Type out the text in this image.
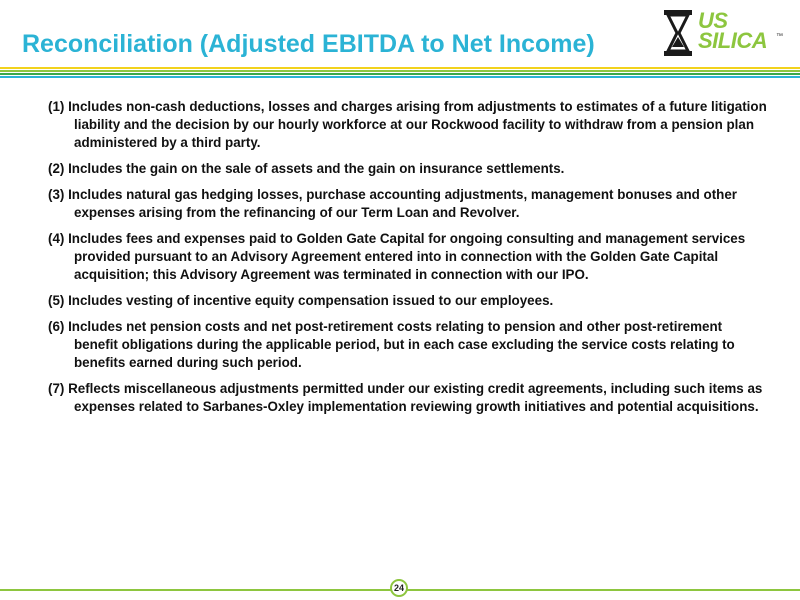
Reconciliation (Adjusted EBITDA to Net Income)
US
SILICA ™
(1) Includes non-cash deductions, losses and charges arising from adjustments to estimates of a future litigation liability and the decision by our hourly workforce at our Rockwood facility to withdraw from a pension plan administered by a third party.
(2) Includes the gain on the sale of assets and the gain on insurance settlements.
(3) Includes natural gas hedging losses, purchase accounting adjustments, management bonuses and other expenses arising from the refinancing of our Term Loan and Revolver.
(4) Includes fees and expenses paid to Golden Gate Capital for ongoing consulting and management services provided pursuant to an Advisory Agreement entered into in connection with the Golden Gate Capital acquisition; this Advisory Agreement was terminated in connection with our IPO.
(5) Includes vesting of incentive equity compensation issued to our employees.
(6) Includes net pension costs and net post-retirement costs relating to pension and other post-retirement benefit obligations during the applicable period, but in each case excluding the service costs relating to benefits earned during such period.
(7) Reflects miscellaneous adjustments permitted under our existing credit agreements, including such items as expenses related to Sarbanes-Oxley implementation reviewing growth initiatives and potential acquisitions.
24
